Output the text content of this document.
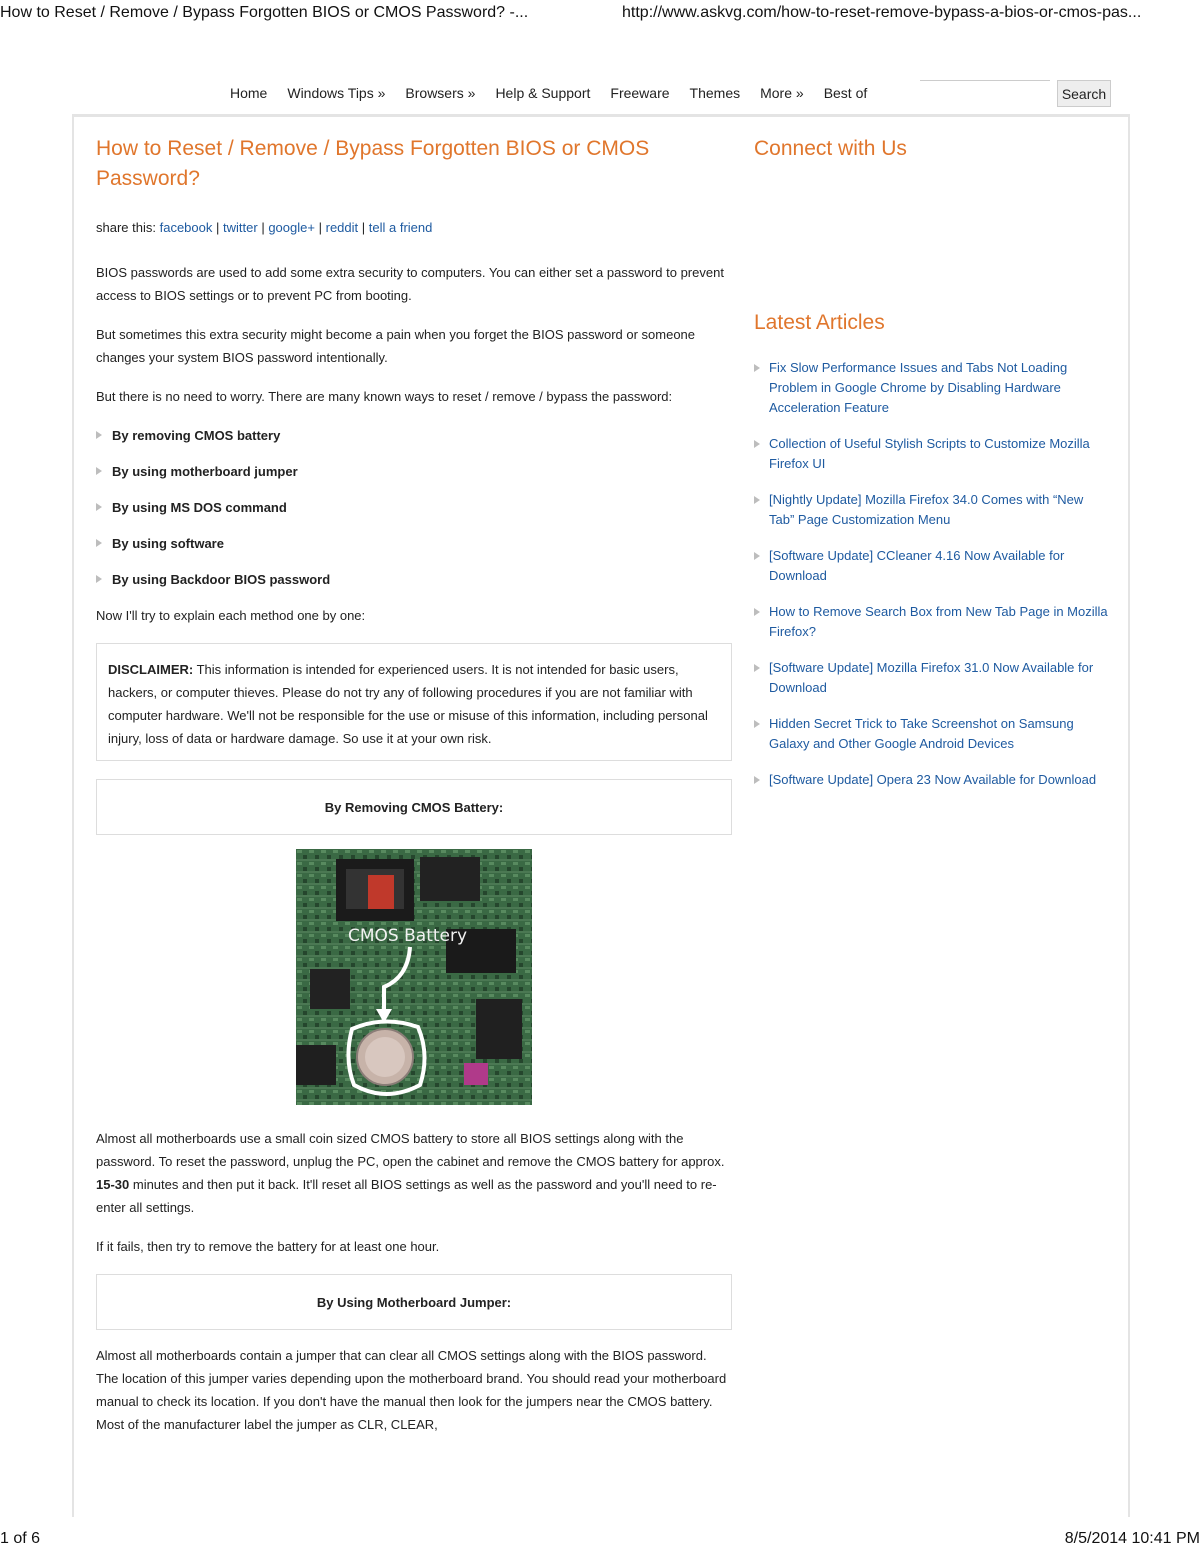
How to Reset / Remove / Bypass Forgotten BIOS or CMOS Password? -...	http://www.askvg.com/how-to-reset-remove-bypass-a-bios-or-cmos-pas...
Home Windows Tips » Browsers » Help & Support Freeware Themes More » Best of	Search
How to Reset / Remove / Bypass Forgotten BIOS or CMOS Password?

share this: facebook | twitter | google+ | reddit | tell a friend

BIOS passwords are used to add some extra security to computers. You can either set a password to prevent access to BIOS settings or to prevent PC from booting.

But sometimes this extra security might become a pain when you forget the BIOS password or someone changes your system BIOS password intentionally.

But there is no need to worry. There are many known ways to reset / remove / bypass the password:

By removing CMOS battery
By using motherboard jumper
By using MS DOS command
By using software
By using Backdoor BIOS password

Now I'll try to explain each method one by one:

DISCLAIMER: This information is intended for experienced users. It is not intended for basic users, hackers, or computer thieves. Please do not try any of following procedures if you are not familiar with computer hardware. We'll not be responsible for the use or misuse of this information, including personal injury, loss of data or hardware damage. So use it at your own risk.
By Removing CMOS Battery:
CMOS Battery

Almost all motherboards use a small coin sized CMOS battery to store all BIOS settings along with the password. To reset the password, unplug the PC, open the cabinet and remove the CMOS battery for approx. 15-30 minutes and then put it back. It'll reset all BIOS settings as well as the password and you'll need to re-enter all settings.

If it fails, then try to remove the battery for at least one hour.

By Using Motherboard Jumper:

Almost all motherboards contain a jumper that can clear all CMOS settings along with the BIOS password. The location of this jumper varies depending upon the motherboard brand. You should read your motherboard manual to check its location. If you don't have the manual then look for the jumpers near the CMOS battery. Most of the manufacturer label the jumper as CLR, CLEAR,

Connect with Us
Latest Articles
Fix Slow Performance Issues and Tabs Not Loading Problem in Google Chrome by Disabling Hardware Acceleration Feature
Collection of Useful Stylish Scripts to Customize Mozilla Firefox UI
[Nightly Update] Mozilla Firefox 34.0 Comes with “New Tab” Page Customization Menu
[Software Update] CCleaner 4.16 Now Available for Download
How to Remove Search Box from New Tab Page in Mozilla Firefox?
[Software Update] Mozilla Firefox 31.0 Now Available for Download
Hidden Secret Trick to Take Screenshot on Samsung Galaxy and Other Google Android Devices
[Software Update] Opera 23 Now Available for Download
1 of 6	8/5/2014 10:41 PM
